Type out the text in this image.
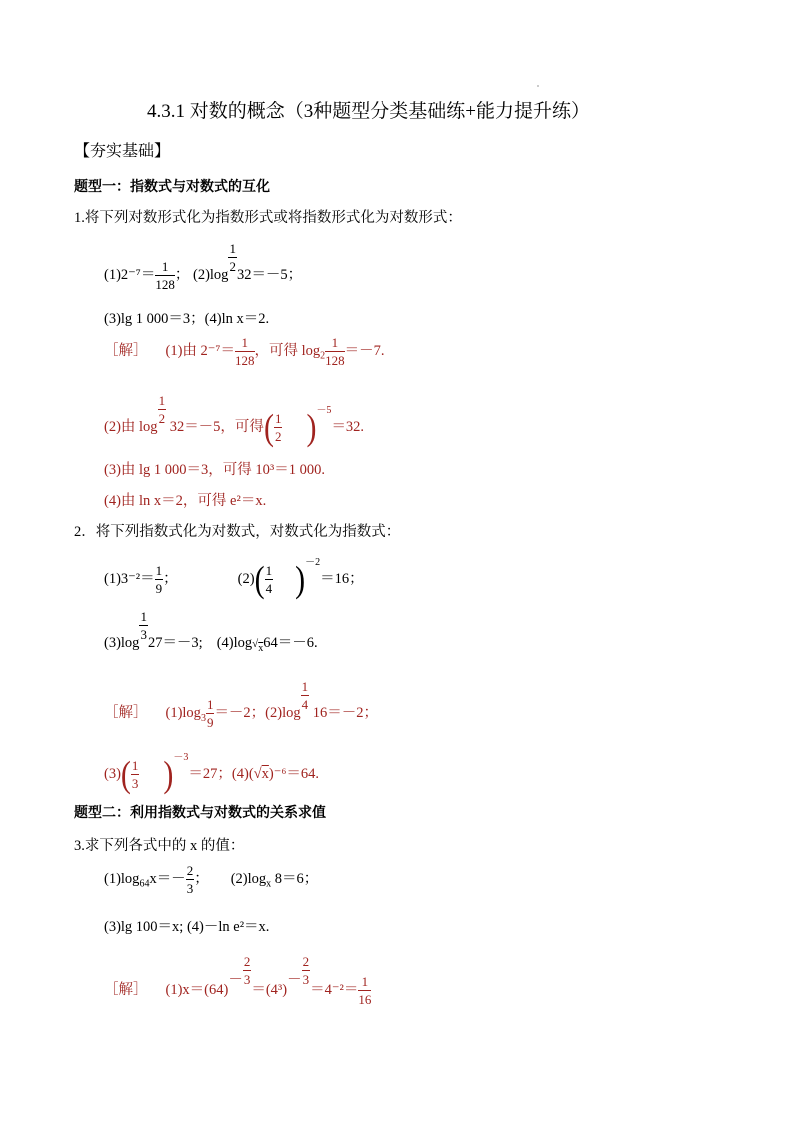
4.3.1 对数的概念（3种题型分类基础练+能力提升练）
【夯实基础】
题型一：指数式与对数式的互化
1.将下列对数形式化为指数形式或将指数形式化为对数形式：
$(1)2^{-7}= \frac{1}{128}$ ； (2)log
$\frac{1}{2}$
32＝－5；
(3)lg 1 000＝3；(4)ln x＝2.
［解］ (1)由 $2^{-7}= \frac{1}{128}$ ，可得 $\log_2 \frac{1}{128} =-7$.
(2)由 log
$\frac{1}{2}$
32＝－5，可得( $\frac{1}{2} )^{-5}=32$.
(3)由 lg 1 000＝3，可得 10³＝1 000.
(4)由 ln x＝2，可得 e²＝x.
2．将下列指数式化为对数式，对数式化为指数式：
$(1)3^{-2}= \frac{1}{9}$ ；	$(2)( \frac{1}{4} )^{-2}=16$；
(3)log
$\frac{1}{3}$
27＝－3; $(4)\log√_x64=-6$.
［解］ $(1)\log_3 \frac{1}{9} =-2$；(2)log
$\frac{1}{4}$
16＝－2；
$(3)( \frac{1}{3} )^{-3}=27$；(4)(√x)⁻⁶＝64.
题型二：利用指数式与对数式的关系求值
3.求下列各式中的 x 的值：
$(1)\log_{64}x=- \frac{2}{3}$ ； $(2)\log_x$ 8＝6；
(3)lg 100＝x; (4)－ln e²＝x.
［解］ $(1)x=(64)- \frac{2}{3}$
$=(4^3)- \frac{2}{3}$
$=4^{-2}= \frac{1}{16}$
